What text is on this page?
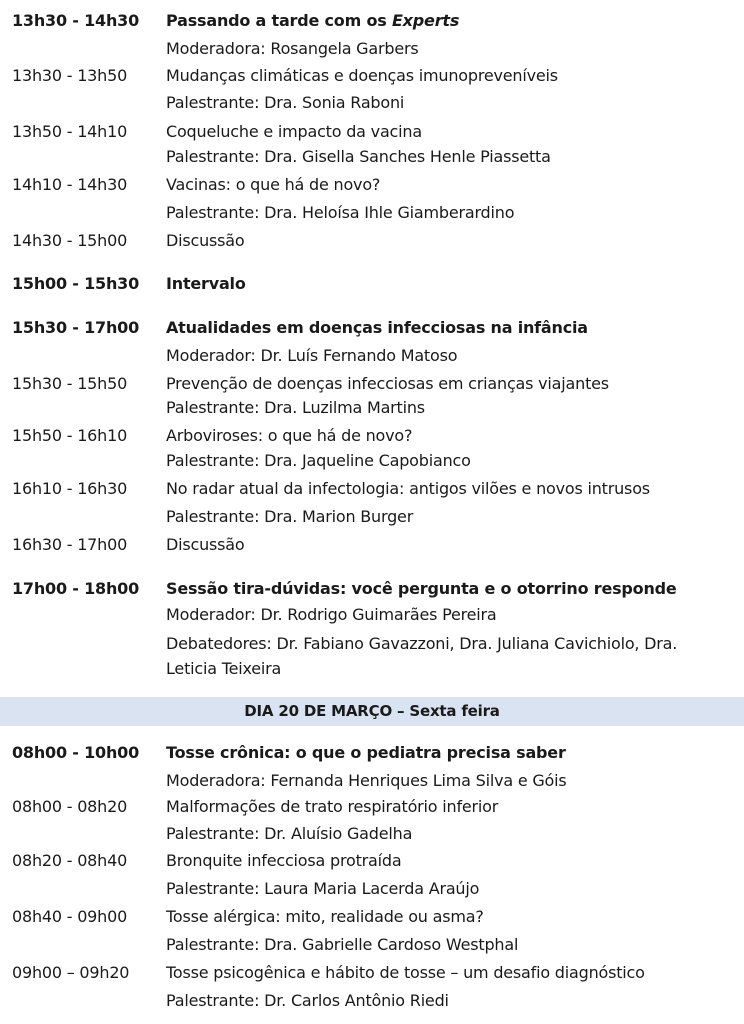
13h30 - 14h30 Passando a tarde com os Experts
Moderadora: Rosangela Garbers
13h30 - 13h50 Mudanças climáticas e doenças imunopreveníveis
Palestrante: Dra. Sonia Raboni
13h50 - 14h10 Coqueluche e impacto da vacina
Palestrante: Dra. Gisella Sanches Henle Piassetta
14h10 - 14h30 Vacinas: o que há de novo?
Palestrante: Dra. Heloísa Ihle Giamberardino
14h30 - 15h00 Discussão
15h00 - 15h30 Intervalo
15h30 - 17h00 Atualidades em doenças infecciosas na infância
Moderador: Dr. Luís Fernando Matoso
15h30 - 15h50 Prevenção de doenças infecciosas em crianças viajantes
Palestrante: Dra. Luzilma Martins
15h50 - 16h10 Arboviroses: o que há de novo?
Palestrante: Dra. Jaqueline Capobianco
16h10 - 16h30 No radar atual da infectologia: antigos vilões e novos intrusos
Palestrante: Dra. Marion Burger
16h30 - 17h00 Discussão
17h00 - 18h00 Sessão tira-dúvidas: você pergunta e o otorrino responde
Moderador: Dr. Rodrigo Guimarães Pereira
Debatedores: Dr. Fabiano Gavazzoni, Dra. Juliana Cavichiolo, Dra.
Leticia Teixeira
DIA 20 DE MARÇO – Sexta feira
08h00 - 10h00 Tosse crônica: o que o pediatra precisa saber
Moderadora: Fernanda Henriques Lima Silva e Góis
08h00 - 08h20 Malformações de trato respiratório inferior
Palestrante: Dr. Aluísio Gadelha
08h20 - 08h40 Bronquite infecciosa protraída
Palestrante: Laura Maria Lacerda Araújo
08h40 - 09h00 Tosse alérgica: mito, realidade ou asma?
Palestrante: Dra. Gabrielle Cardoso Westphal
09h00 – 09h20 Tosse psicogênica e hábito de tosse – um desafio diagnóstico
Palestrante: Dr. Carlos Antônio Riedi
